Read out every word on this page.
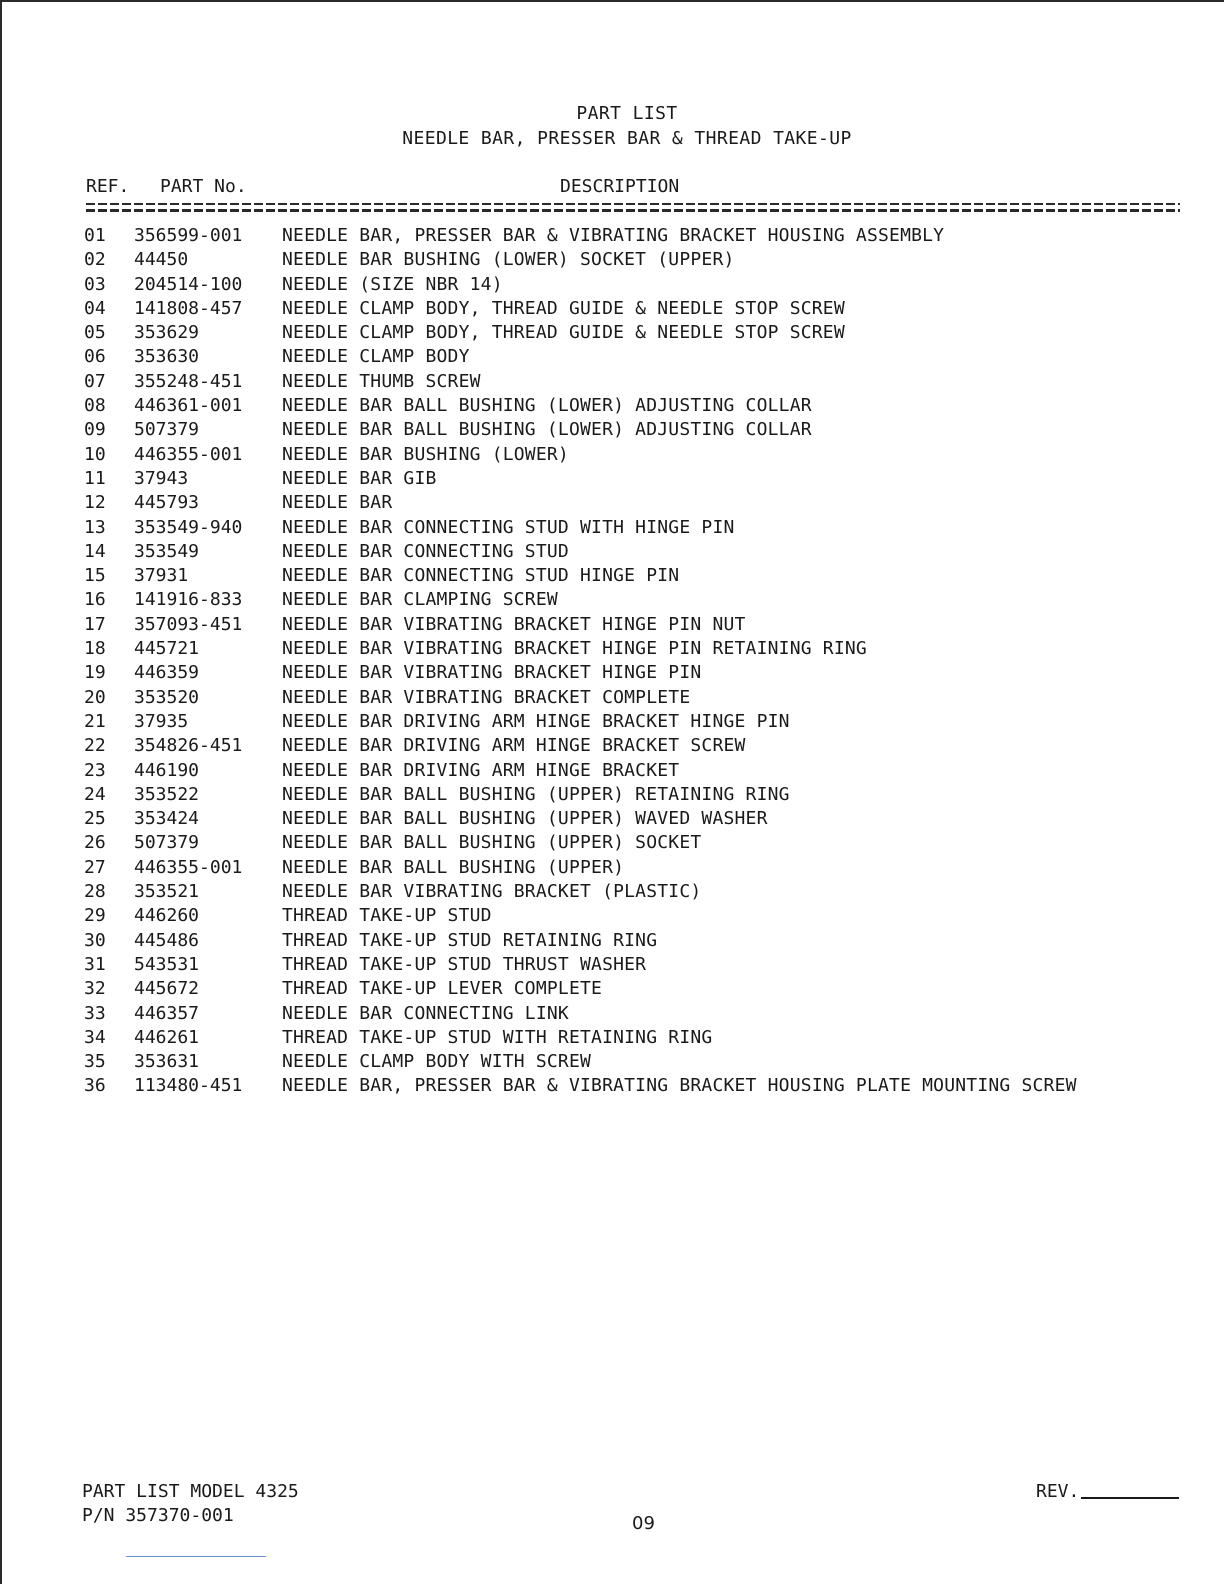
PART LIST
NEEDLE BAR, PRESSER BAR & THREAD TAKE-UP
REF. PART No.	DESCRIPTION
01 356599-001 NEEDLE BAR, PRESSER BAR & VIBRATING BRACKET HOUSING ASSEMBLY
02 44450	NEEDLE BAR BUSHING (LOWER) SOCKET (UPPER)
03 204514-100 NEEDLE (SIZE NBR 14)
04 141808-457 NEEDLE CLAMP BODY, THREAD GUIDE & NEEDLE STOP SCREW
05 353629	NEEDLE CLAMP BODY, THREAD GUIDE & NEEDLE STOP SCREW
06 353630	NEEDLE CLAMP BODY
07 355248-451 NEEDLE THUMB SCREW
08 446361-001 NEEDLE BAR BALL BUSHING (LOWER) ADJUSTING COLLAR
09 507379	NEEDLE BAR BALL BUSHING (LOWER) ADJUSTING COLLAR
10 446355-001 NEEDLE BAR BUSHING (LOWER)
11 37943	NEEDLE BAR GIB
12 445793	NEEDLE BAR
13 353549-940 NEEDLE BAR CONNECTING STUD WITH HINGE PIN
14 353549	NEEDLE BAR CONNECTING STUD
15 37931	NEEDLE BAR CONNECTING STUD HINGE PIN
16 141916-833 NEEDLE BAR CLAMPING SCREW
17 357093-451 NEEDLE BAR VIBRATING BRACKET HINGE PIN NUT
18 445721	NEEDLE BAR VIBRATING BRACKET HINGE PIN RETAINING RING
19 446359	NEEDLE BAR VIBRATING BRACKET HINGE PIN
20 353520	NEEDLE BAR VIBRATING BRACKET COMPLETE
21 37935	NEEDLE BAR DRIVING ARM HINGE BRACKET HINGE PIN
22 354826-451 NEEDLE BAR DRIVING ARM HINGE BRACKET SCREW
23 446190	NEEDLE BAR DRIVING ARM HINGE BRACKET
24 353522	NEEDLE BAR BALL BUSHING (UPPER) RETAINING RING
25 353424	NEEDLE BAR BALL BUSHING (UPPER) WAVED WASHER
26 507379	NEEDLE BAR BALL BUSHING (UPPER) SOCKET
27 446355-001 NEEDLE BAR BALL BUSHING (UPPER)
28 353521	NEEDLE BAR VIBRATING BRACKET (PLASTIC)
29 446260	THREAD TAKE-UP STUD
30 445486	THREAD TAKE-UP STUD RETAINING RING
31 543531	THREAD TAKE-UP STUD THRUST WASHER
32 445672	THREAD TAKE-UP LEVER COMPLETE
33 446357	NEEDLE BAR CONNECTING LINK
34 446261	THREAD TAKE-UP STUD WITH RETAINING RING
35 353631	NEEDLE CLAMP BODY WITH SCREW
36 113480-451 NEEDLE BAR, PRESSER BAR & VIBRATING BRACKET HOUSING PLATE MOUNTING SCREW
PART LIST MODEL 4325
P/N 357370-001
REV.
09
